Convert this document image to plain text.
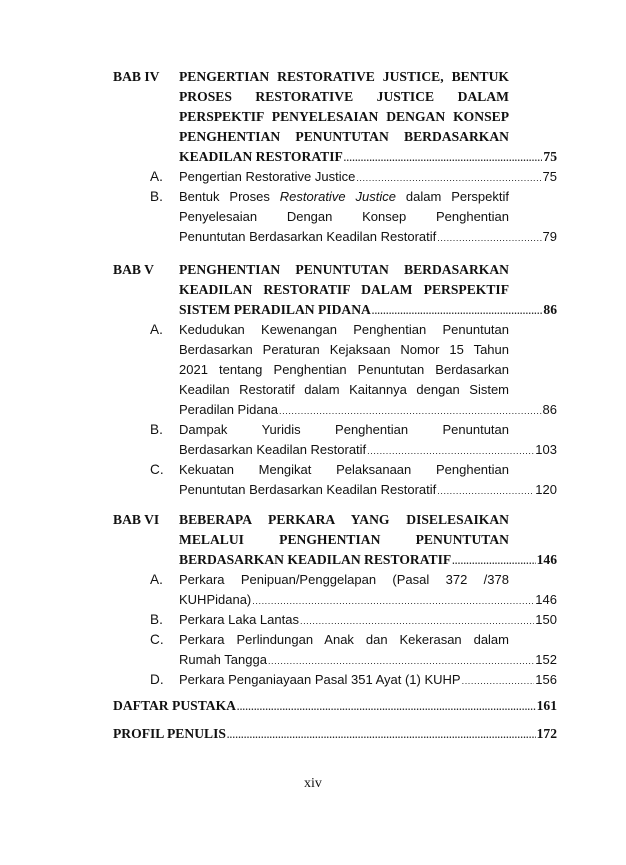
BAB IV PENGERTIAN RESTORATIVE JUSTICE, BENTUK
PROSES RESTORATIVE JUSTICE DALAM
PERSPEKTIF PENYELESAIAN DENGAN KONSEP
PENGHENTIAN PENUNTUTAN BERDASARKAN
KEADILAN RESTORATIF .....	75
A. Pengertian Restorative Justice .....	75
B. Bentuk Proses Restorative Justice dalam Perspektif
Penyelesaian Dengan Konsep Penghentian
Penuntutan Berdasarkan Keadilan Restoratif .....	79
BAB V PENGHENTIAN PENUNTUTAN BERDASARKAN
KEADILAN RESTORATIF DALAM PERSPEKTIF
SISTEM PERADILAN PIDANA .....	86
A. Kedudukan Kewenangan Penghentian Penuntutan
Berdasarkan Peraturan Kejaksaan Nomor 15 Tahun
2021 tentang Penghentian Penuntutan Berdasarkan
Keadilan Restoratif dalam Kaitannya dengan Sistem
Peradilan Pidana .....	86
B. Dampak Yuridis Penghentian Penuntutan
Berdasarkan Keadilan Restoratif .....	103
C. Kekuatan Mengikat Pelaksanaan Penghentian
Penuntutan Berdasarkan Keadilan Restoratif .....	120
BAB VI BEBERAPA PERKARA YANG DISELESAIKAN
MELALUI PENGHENTIAN PENUNTUTAN
BERDASARKAN KEADILAN RESTORATIF .....	146
A. Perkara Penipuan/Penggelapan (Pasal 372 /378
KUHPidana) .....	146
B. Perkara Laka Lantas .....	150
C. Perkara Perlindungan Anak dan Kekerasan dalam
Rumah Tangga .....	152
D. Perkara Penganiayaan Pasal 351 Ayat (1) KUHP .....	156
DAFTAR PUSTAKA .....	161
PROFIL PENULIS .....	172
xiv
